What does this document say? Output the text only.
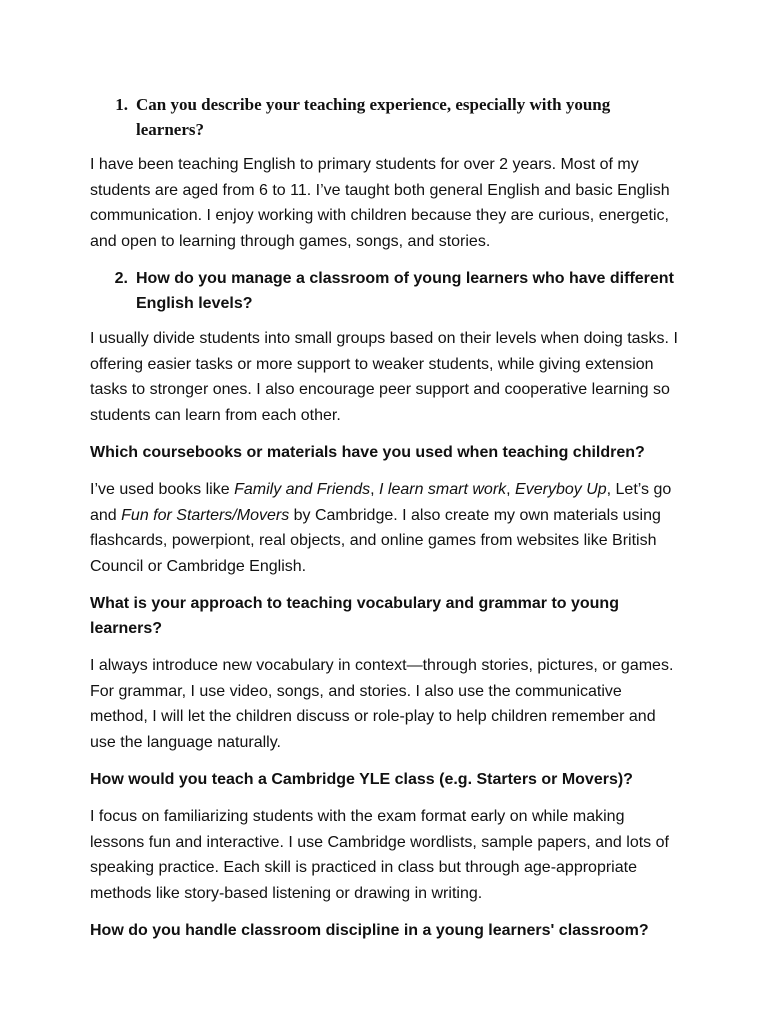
1. Can you describe your teaching experience, especially with young learners?

I have been teaching English to primary students for over 2 years. Most of my students are aged from 6 to 11. I’ve taught both general English and basic English communication. I enjoy working with children because they are curious, energetic, and open to learning through games, songs, and stories.

2. How do you manage a classroom of young learners who have different English levels?

I usually divide students into small groups based on their levels when doing tasks. I offering easier tasks or more support to weaker students, while giving extension tasks to stronger ones. I also encourage peer support and cooperative learning so students can learn from each other.

Which coursebooks or materials have you used when teaching children?

I’ve used books like Family and Friends, I learn smart work, Everyboy Up, Let’s go and Fun for Starters/Movers by Cambridge. I also create my own materials using flashcards, powerpiont, real objects, and online games from websites like British Council or Cambridge English.

What is your approach to teaching vocabulary and grammar to young learners?

I always introduce new vocabulary in context—through stories, pictures, or games. For grammar, I use video, songs, and stories. I also use the communicative method, I will let the children discuss or role-play to help children remember and use the language naturally.

How would you teach a Cambridge YLE class (e.g. Starters or Movers)?

I focus on familiarizing students with the exam format early on while making lessons fun and interactive. I use Cambridge wordlists, sample papers, and lots of speaking practice. Each skill is practiced in class but through age-appropriate methods like story-based listening or drawing in writing.

How do you handle classroom discipline in a young learners' classroom?
